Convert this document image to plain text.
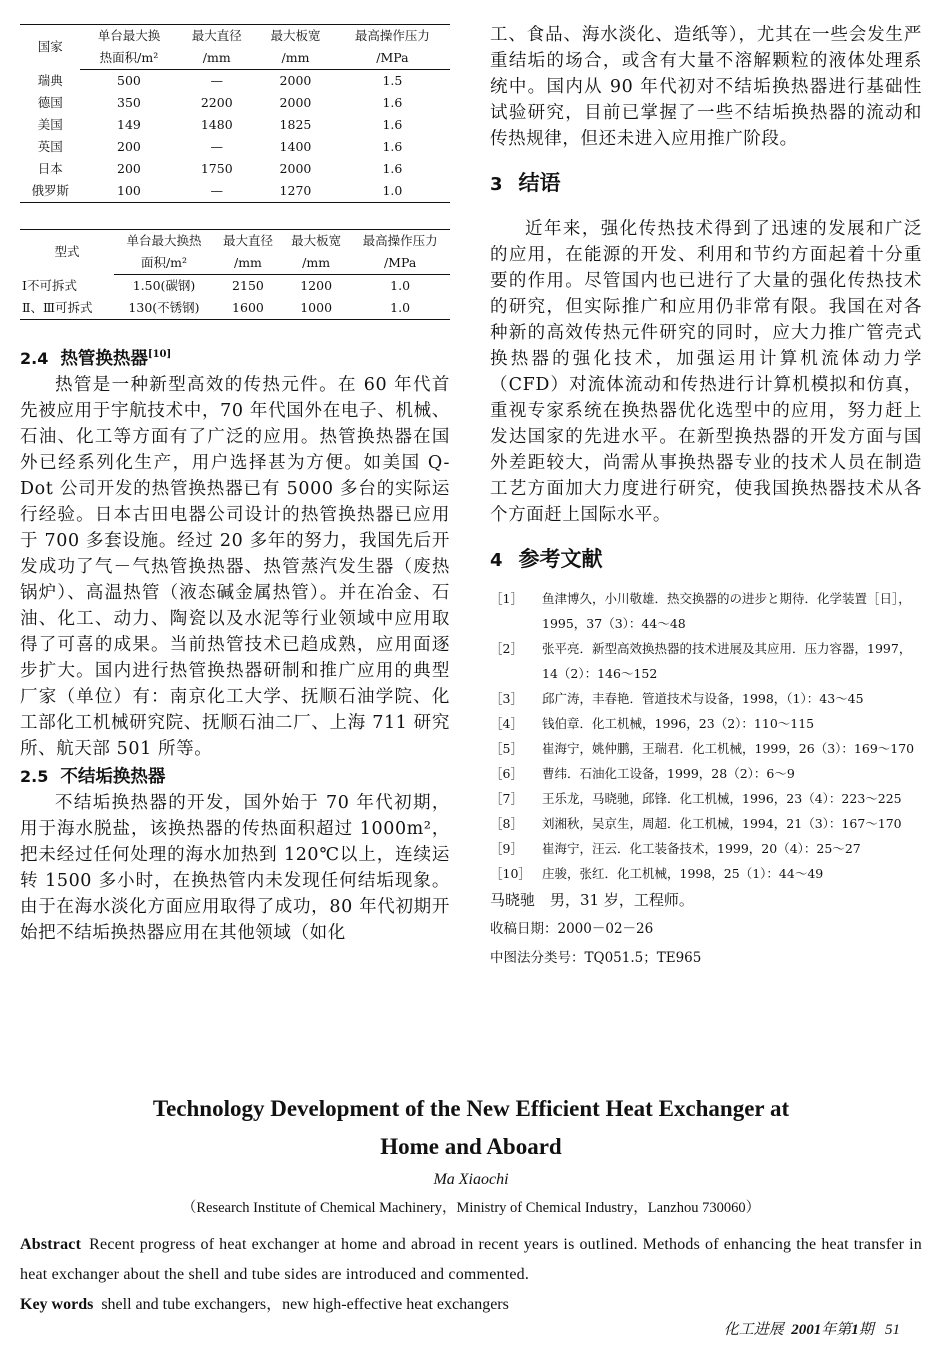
国家	单台最大换	最大直径	最大板宽	最高操作压力
	热面积/m²	/mm	/mm	/MPa
瑞典	500	—	2000	1.5
德国	350	2200	2000	1.6
美国	149	1480	1825	1.6
英国	200	—	1400	1.6
日本	200	1750	2000	1.6
俄罗斯	100	—	1270	1.0
型式	单台最大换热	最大直径	最大板宽	最高操作压力
	面积/m²	/mm	/mm	/MPa
Ⅰ不可拆式	1.50(碳钢)	2150	1200	1.0
Ⅱ、Ⅲ可拆式	130(不锈钢)	1600	1000	1.0
2.4 热管换热器[10]

热管是一种新型高效的传热元件。在 60 年代首先被应用于宇航技术中，70 年代国外在电子、机械、石油、化工等方面有了广泛的应用。热管换热器在国外已经系列化生产，用户选择甚为方便。如美国 Q-Dot 公司开发的热管换热器已有 5000 多台的实际运行经验。日本古田电器公司设计的热管换热器已应用于 700 多套设施。经过 20 多年的努力，我国先后开发成功了气－气热管换热器、热管蒸汽发生器（废热锅炉）、高温热管（液态碱金属热管）。并在冶金、石油、化工、动力、陶瓷以及水泥等行业领域中应用取得了可喜的成果。当前热管技术已趋成熟，应用面逐步扩大。国内进行热管换热器研制和推广应用的典型厂家（单位）有：南京化工大学、抚顺石油学院、化工部化工机械研究院、抚顺石油二厂、上海 711 研究所、航天部 501 所等。

2.5 不结垢换热器

不结垢换热器的开发，国外始于 70 年代初期，用于海水脱盐，该换热器的传热面积超过 1000m²，把未经过任何处理的海水加热到 120℃以上，连续运转 1500 多小时，在换热管内未发现任何结垢现象。由于在海水淡化方面应用取得了成功，80 年代初期开始把不结垢换热器应用在其他领域（如化

工、食品、海水淡化、造纸等），尤其在一些会发生严重结垢的场合，或含有大量不溶解颗粒的液体处理系统中。国内从 90 年代初对不结垢换热器进行基础性试验研究，目前已掌握了一些不结垢换热器的流动和传热规律，但还未进入应用推广阶段。

3 结语

近年来，强化传热技术得到了迅速的发展和广泛的应用，在能源的开发、利用和节约方面起着十分重要的作用。尽管国内也已进行了大量的强化传热技术的研究，但实际推广和应用仍非常有限。我国在对各种新的高效传热元件研究的同时，应大力推广管壳式换热器的强化技术，加强运用计算机流体动力学（CFD）对流体流动和传热进行计算机模拟和仿真，重视专家系统在换热器优化选型中的应用，努力赶上发达国家的先进水平。在新型换热器的开发方面与国外差距较大，尚需从事换热器专业的技术人员在制造工艺方面加大力度进行研究，使我国换热器技术从各个方面赶上国际水平。

4 参考文献
［1］ 鱼津博久，小川敬雄．热交换器的の进步と期待．化学装置［日］，1995，37（3）：44～48
［2］ 张平亮．新型高效换热器的技术进展及其应用．压力容器，1997，14（2）：146～152
［3］ 邱广涛，丰春艳．管道技术与设备，1998，（1）：43～45
［4］ 钱伯章．化工机械，1996，23（2）：110～115
［5］ 崔海宁，姚仲鹏，王瑞君．化工机械，1999，26（3）：169～170
［6］ 曹纬．石油化工设备，1999，28（2）：6～9
［7］ 王乐龙，马晓驰，邱锋．化工机械，1996，23（4）：223～225
［8］ 刘湘秋，吴京生，周超．化工机械，1994，21（3）：167～170
［9］ 崔海宁，汪云．化工装备技术，1999，20（4）：25～27
［10］ 庄骏，张红．化工机械，1998，25（1）：44～49

马晓驰　男，31 岁，工程师。

收稿日期：2000－02－26

中图法分类号：TQ051.5；TE965

Technology Development of the New Efficient Heat Exchanger at

Home and Aboard

Ma Xiaochi

（Research Institute of Chemical Machinery，Ministry of Chemical Industry，Lanzhou 730060）

Abstract Recent progress of heat exchanger at home and abroad in recent years is outlined. Methods of enhancing the heat transfer in heat exchanger about the shell and tube sides are introduced and commented.

Key words shell and tube exchangers，new high-effective heat exchangers

化工进展 2001年第1期 51
